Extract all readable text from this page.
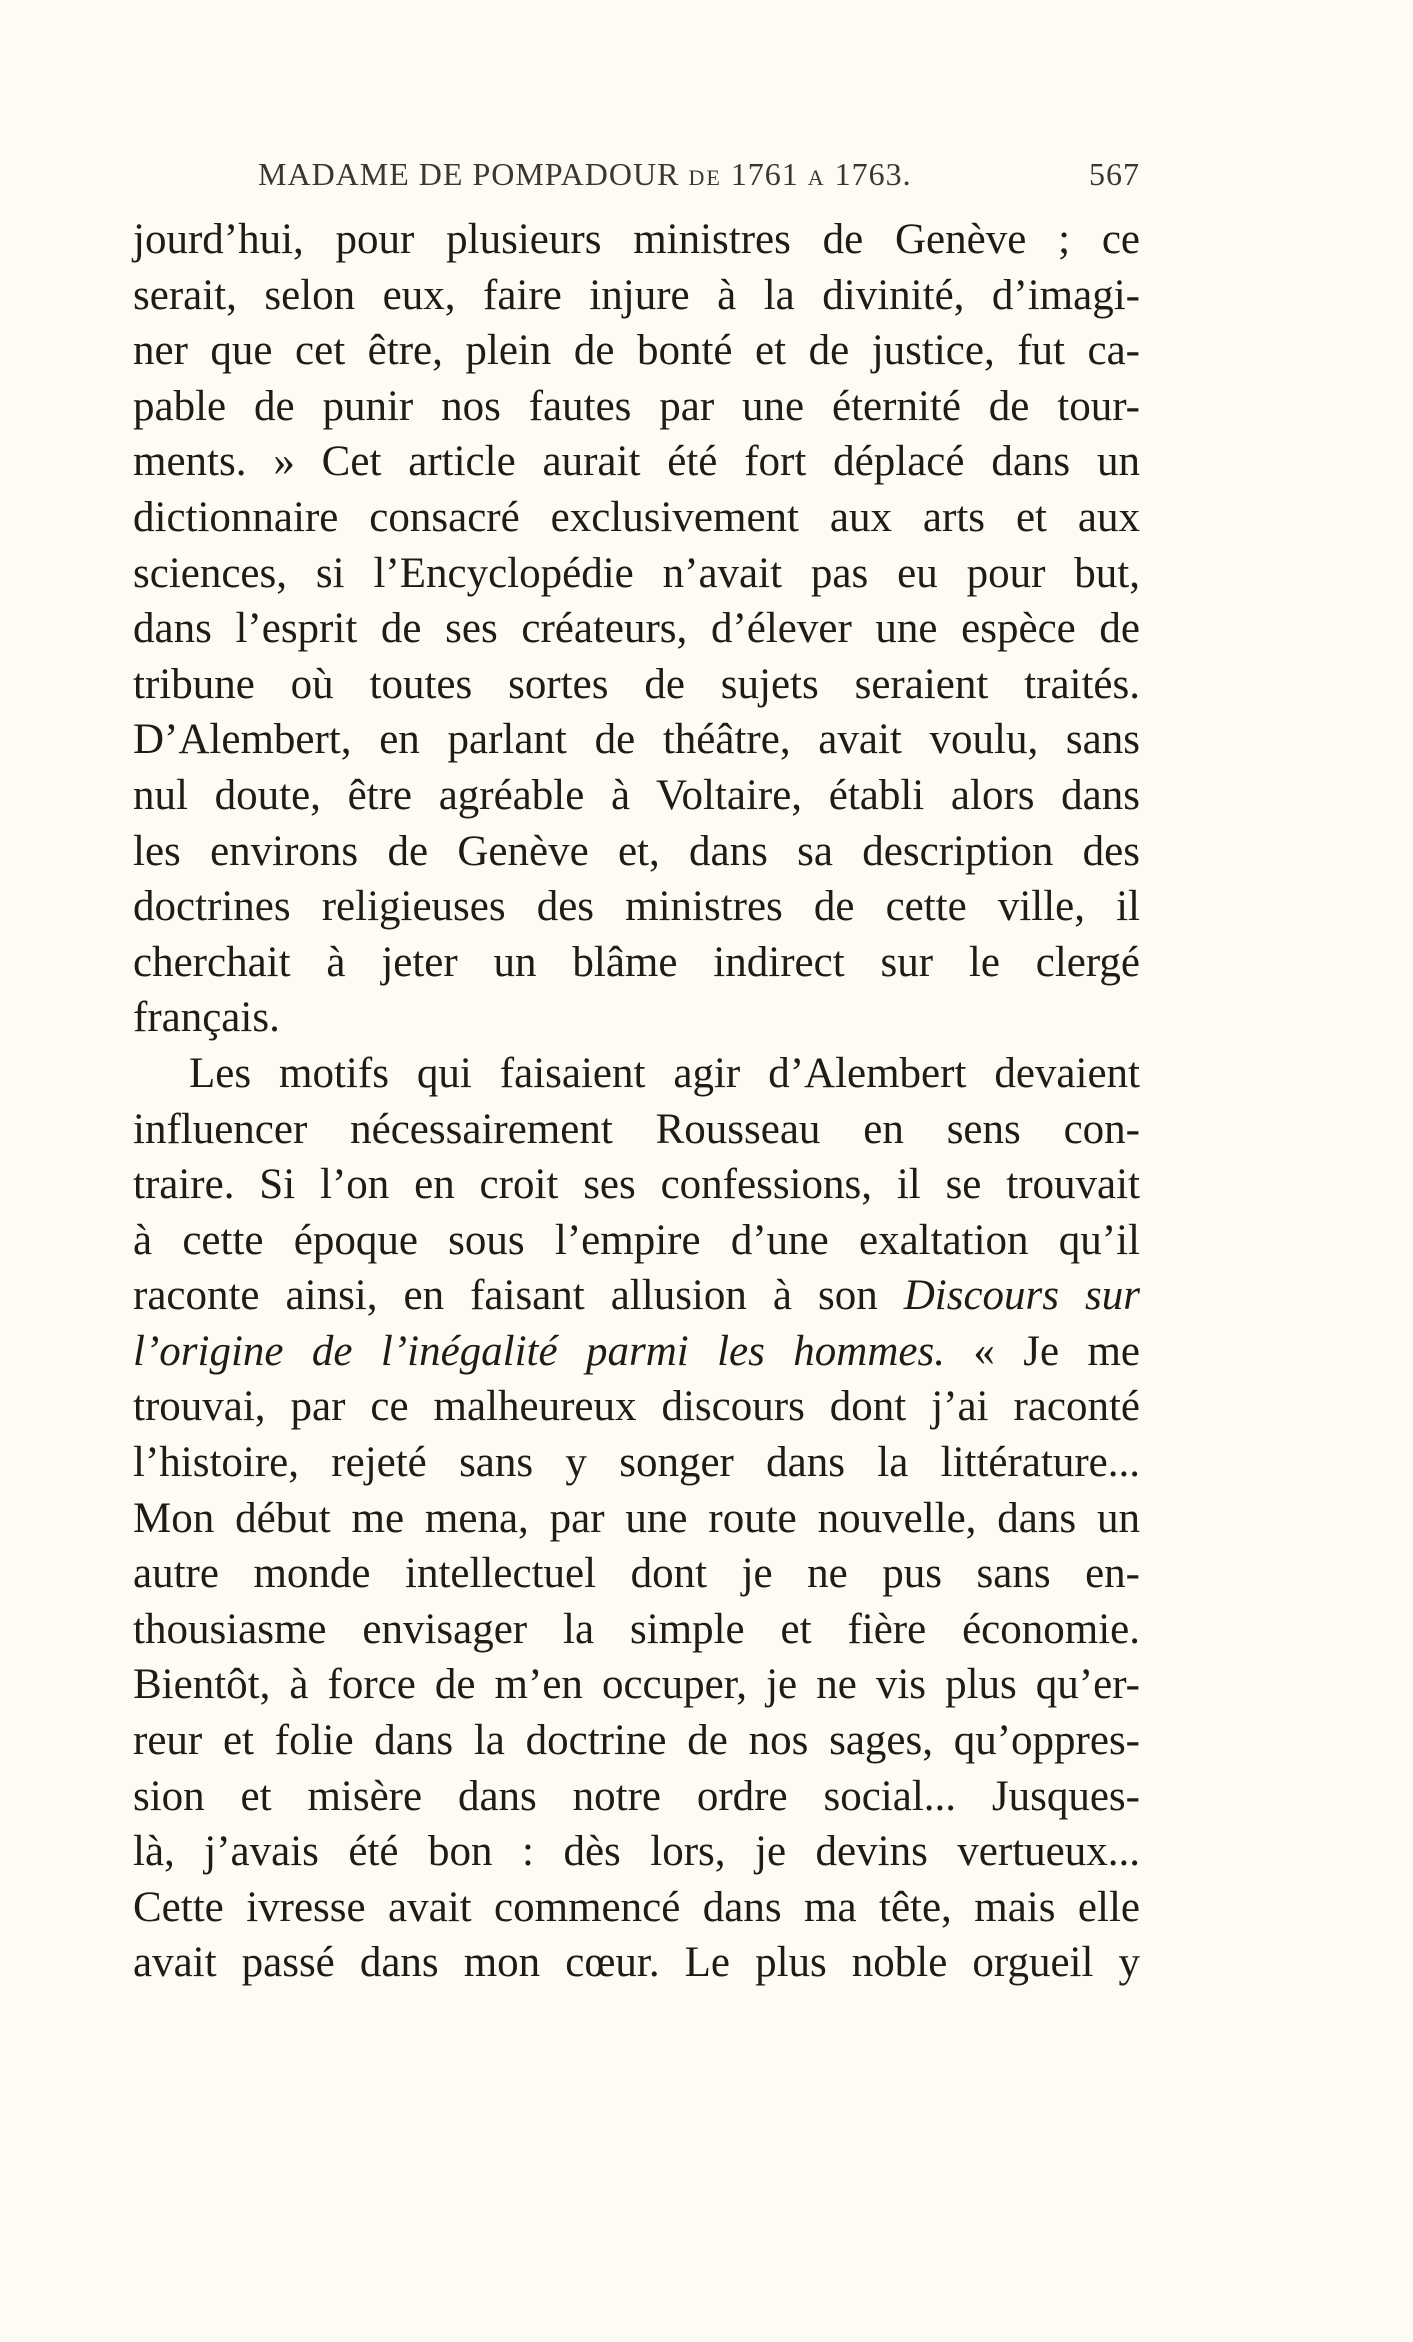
MADAME DE POMPADOUR DE 1761 A 1763.	567
jourd’hui, pour plusieurs ministres de Genève ; ce
serait, selon eux, faire injure à la divinité, d’imagi-
ner que cet être, plein de bonté et de justice, fut ca-
pable de punir nos fautes par une éternité de tour-
ments. » Cet article aurait été fort déplacé dans un
dictionnaire consacré exclusivement aux arts et aux
sciences, si l’Encyclopédie n’avait pas eu pour but,
dans l’esprit de ses créateurs, d’élever une espèce de
tribune où toutes sortes de sujets seraient traités.
D’Alembert, en parlant de théâtre, avait voulu, sans
nul doute, être agréable à Voltaire, établi alors dans
les environs de Genève et, dans sa description des
doctrines religieuses des ministres de cette ville, il
cherchait à jeter un blâme indirect sur le clergé
français.
Les motifs qui faisaient agir d’Alembert devaient
influencer nécessairement Rousseau en sens con-
traire. Si l’on en croit ses confessions, il se trouvait
à cette époque sous l’empire d’une exaltation qu’il
raconte ainsi, en faisant allusion à son Discours sur
l’origine de l’inégalité parmi les hommes. « Je me
trouvai, par ce malheureux discours dont j’ai raconté
l’histoire, rejeté sans y songer dans la littérature...
Mon début me mena, par une route nouvelle, dans un
autre monde intellectuel dont je ne pus sans en-
thousiasme envisager la simple et fière économie.
Bientôt, à force de m’en occuper, je ne vis plus qu’er-
reur et folie dans la doctrine de nos sages, qu’oppres-
sion et misère dans notre ordre social... Jusques-
là, j’avais été bon : dès lors, je devins vertueux...
Cette ivresse avait commencé dans ma tête, mais elle
avait passé dans mon cœur. Le plus noble orgueil y
